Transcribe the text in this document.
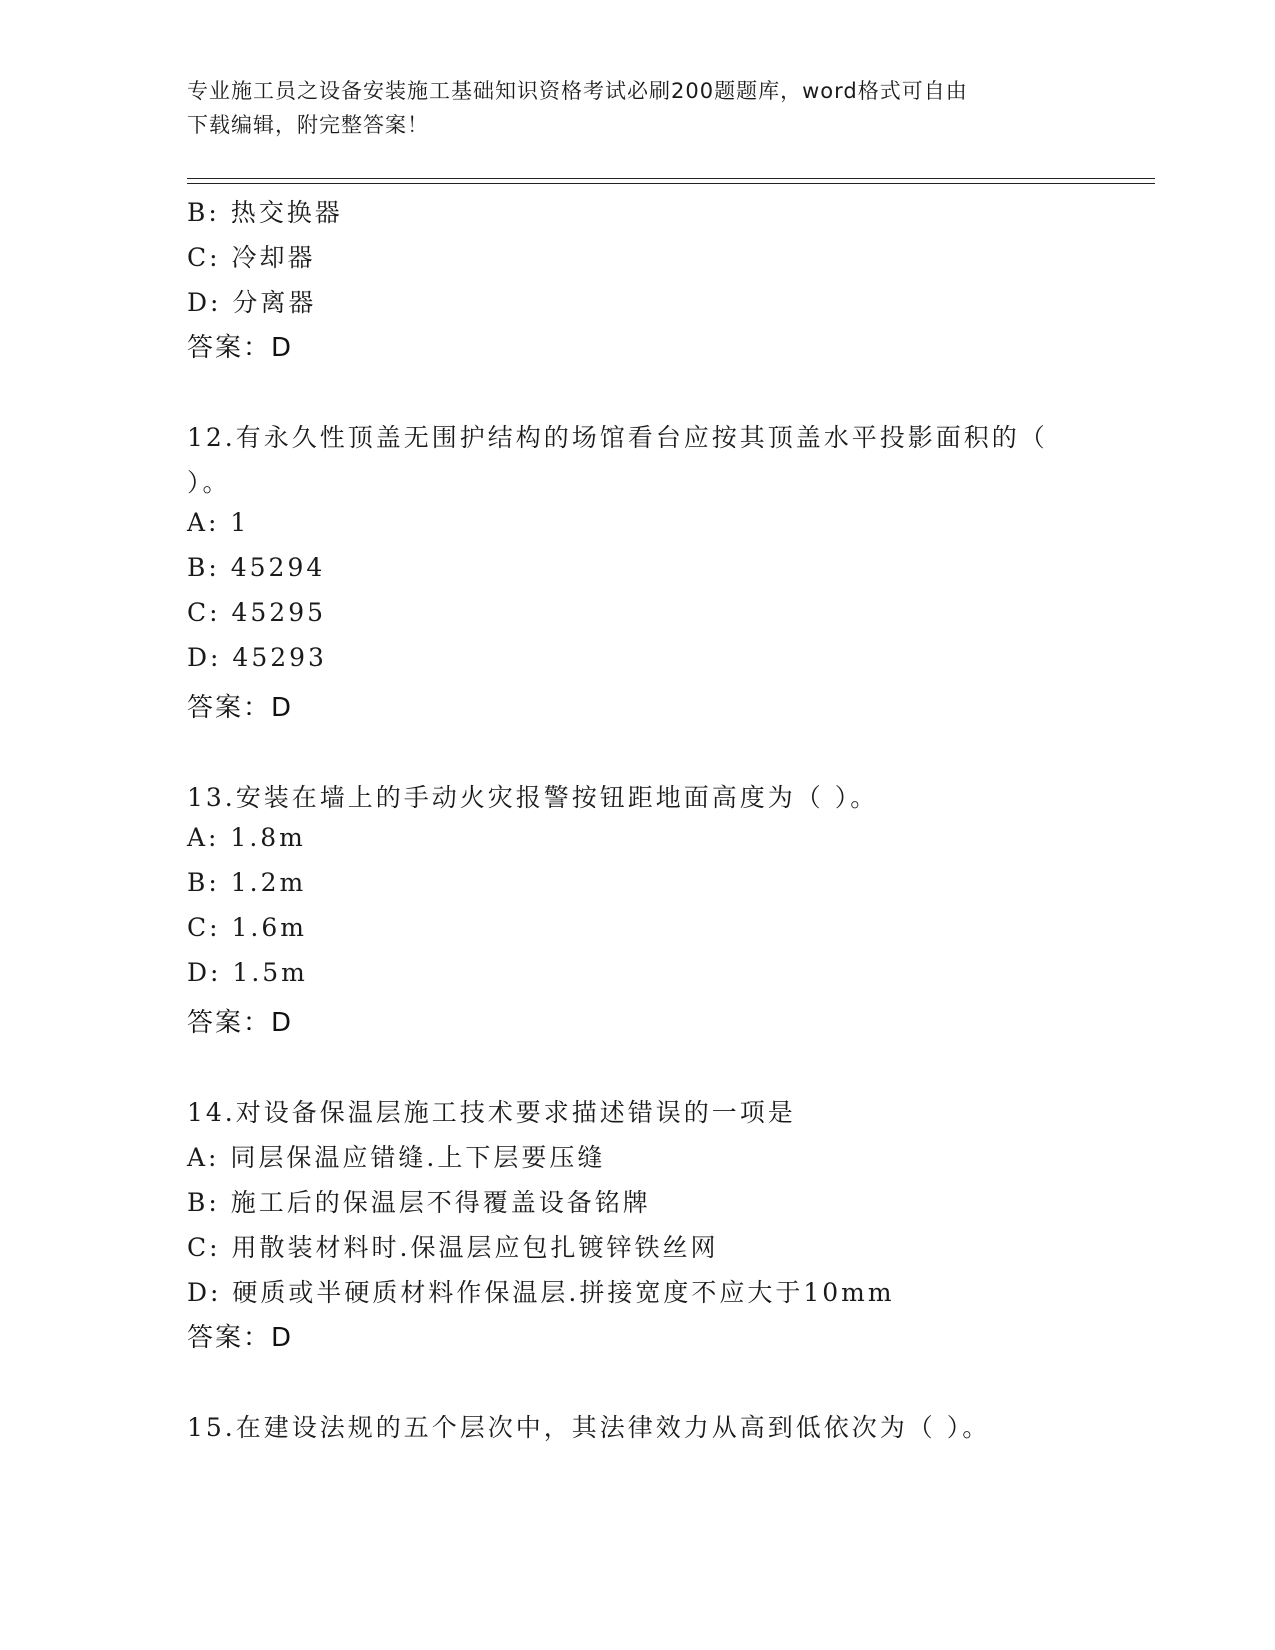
专业施工员之设备安装施工基础知识资格考试必刷200题题库，word格式可自由
下载编辑，附完整答案！
B: 热交换器
C: 冷却器
D: 分离器
答案：D
12.有永久性顶盖无围护结构的场馆看台应按其顶盖水平投影面积的（
）。
A: 1
B: 45294
C: 45295
D: 45293
答案：D
13.安装在墙上的手动火灾报警按钮距地面高度为（ ）。
A: 1.8m
B: 1.2m
C: 1.6m
D: 1.5m
答案：D
14.对设备保温层施工技术要求描述错误的一项是
A: 同层保温应错缝.上下层要压缝
B: 施工后的保温层不得覆盖设备铭牌
C: 用散装材料时.保温层应包扎镀锌铁丝网
D: 硬质或半硬质材料作保温层.拼接宽度不应大于10mm
答案：D
15.在建设法规的五个层次中，其法律效力从高到低依次为（ ）。
